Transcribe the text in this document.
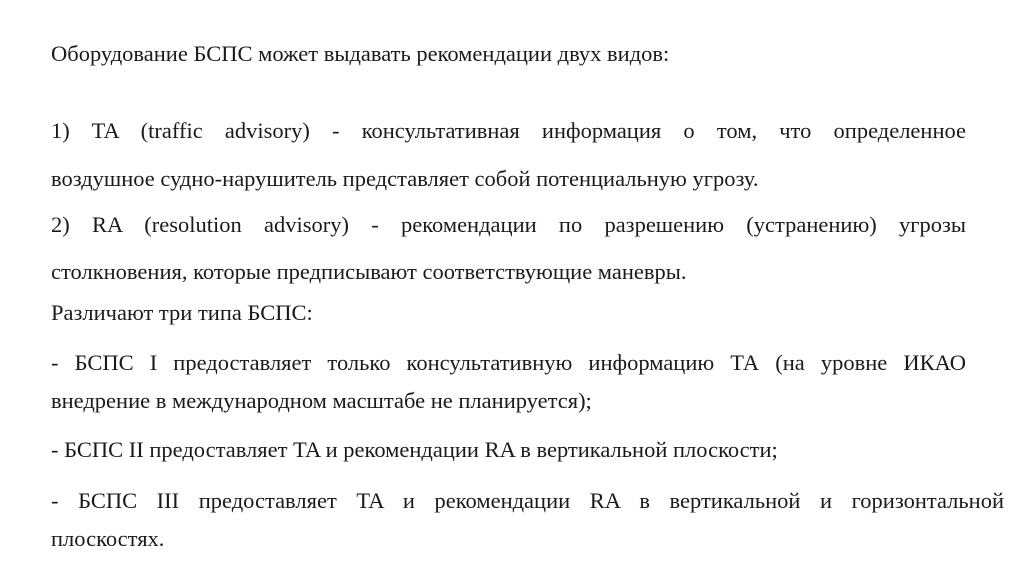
Оборудование БСПС может выдавать рекомендации двух видов:

1) TA (traffic advisory) - консультативная информация о том, что определенное

воздушное судно-нарушитель представляет собой потенциальную угрозу.

2) RA (resolution advisory) - рекомендации по разрешению (устранению) угрозы

столкновения, которые предписывают соответствующие маневры.

Различают три типа БСПС:

- БСПС I предоставляет только консультативную информацию ТА (на уровне ИКАО

внедрение в международном масштабе не планируется);

- БСПС II предоставляет TA и рекомендации RA в вертикальной плоскости;

- БСПС III предоставляет TA и рекомендации RA в вертикальной и горизонтальной

плоскостях.
